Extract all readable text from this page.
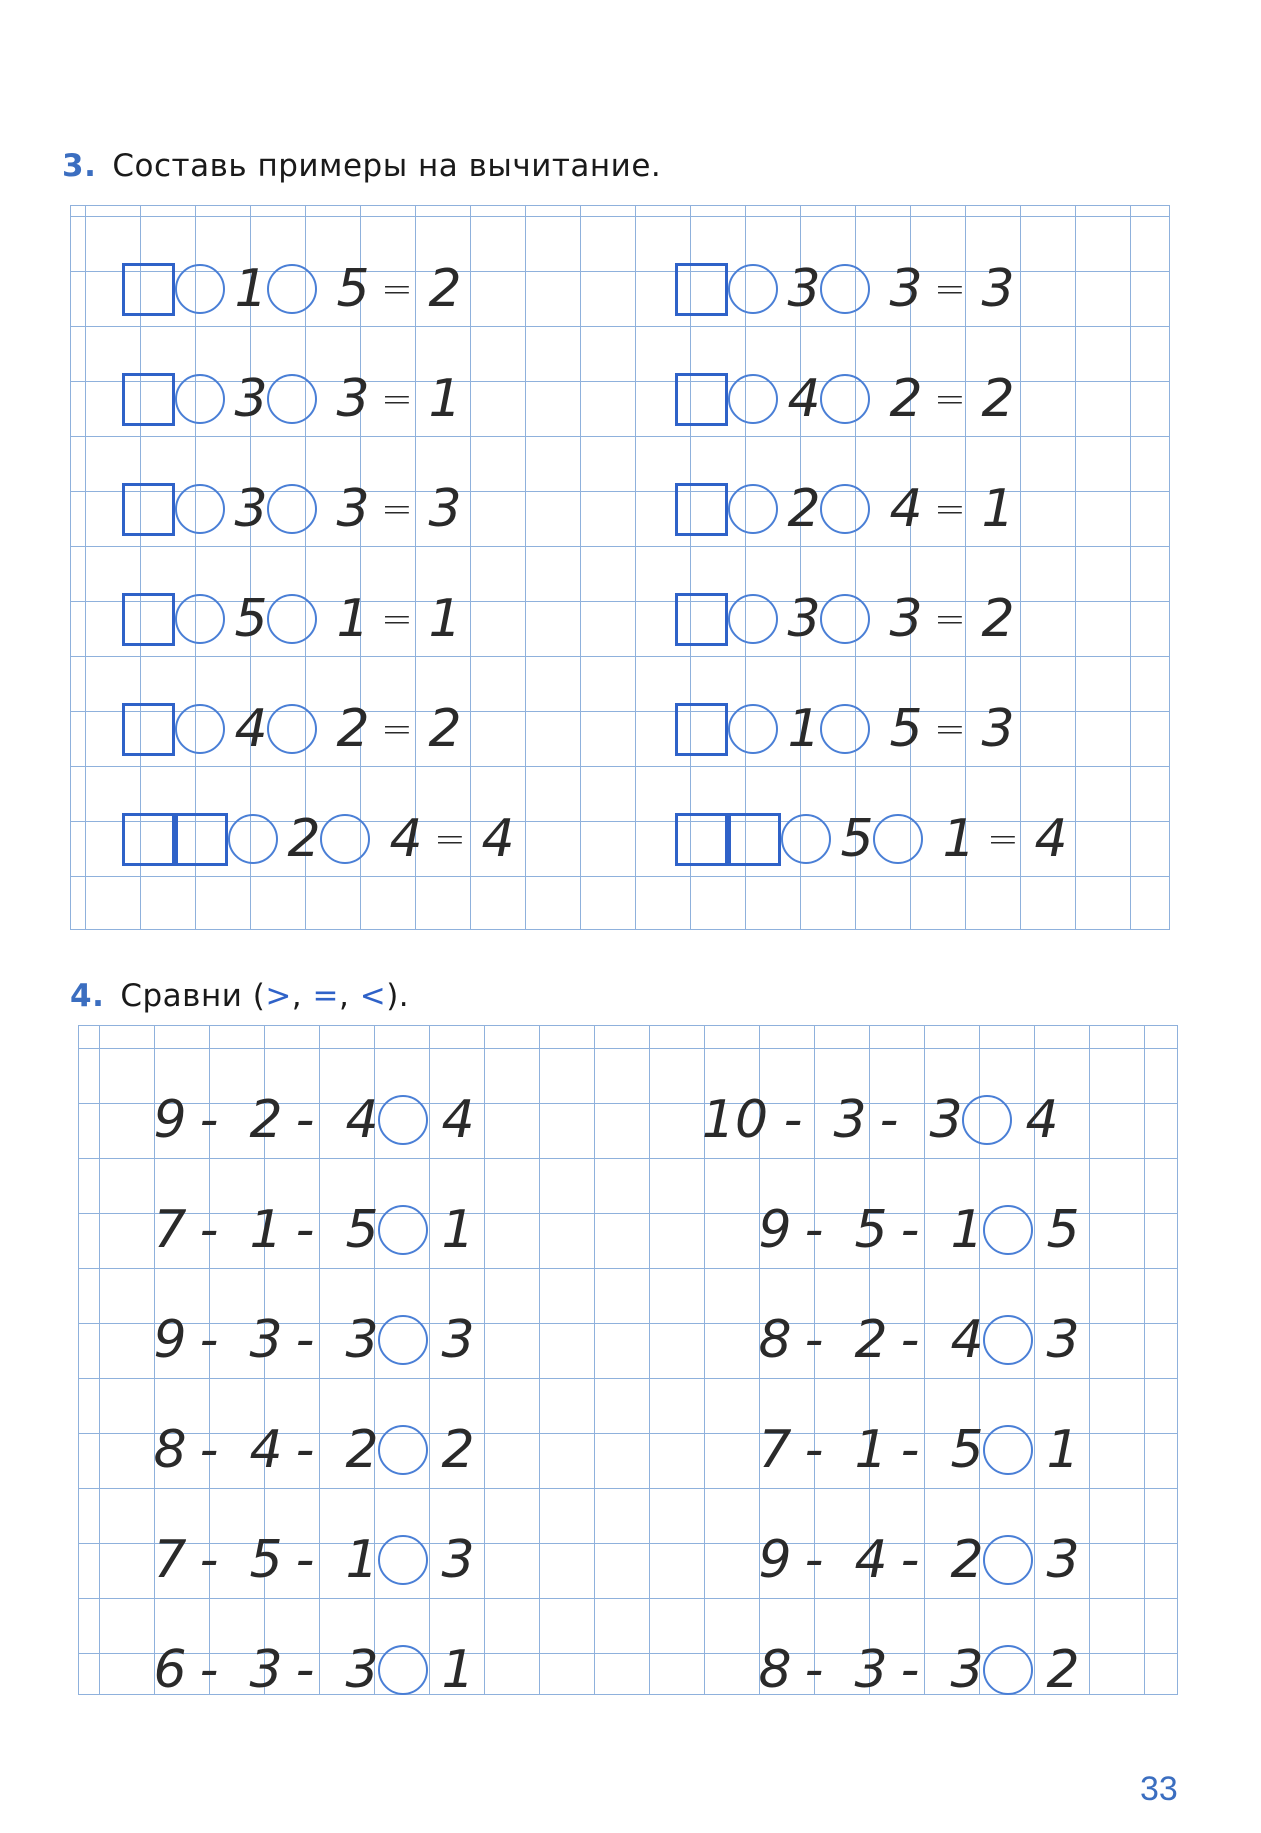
3. Составь примеры на вычитание.
1 5 = 2
3 3 = 1
3 3 = 3
5 1 = 1
4 2 = 2
2 4 = 4
3 3 = 3
4 2 = 2
2 4 = 1
3 3 = 2
1 5 = 3
5 1 = 4
4. Сравни (>, =, <).
9 - 2 - 4 4
7 - 1 - 5 1
9 - 3 - 3 3
8 - 4 - 2 2
7 - 5 - 1 3
6 - 3 - 3 1
10 - 3 - 3 4
9 - 5 - 1 5
8 - 2 - 4 3
7 - 1 - 5 1
9 - 4 - 2 3
8 - 3 - 3 2
33
